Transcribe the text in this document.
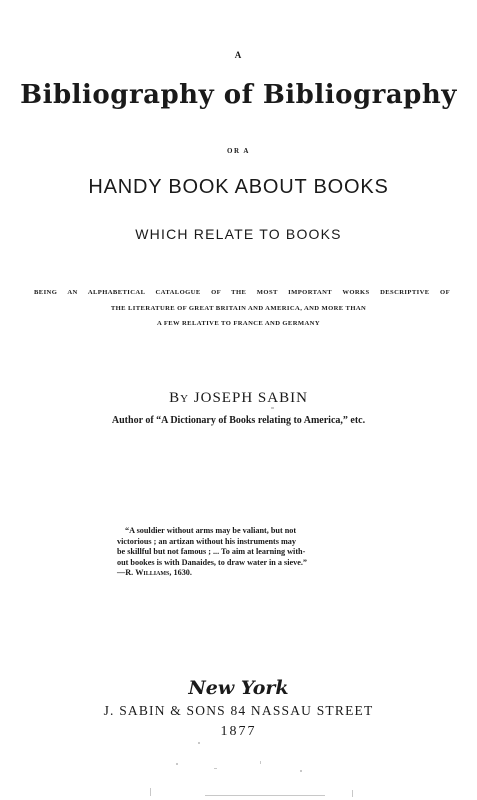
A
Bibliography of Bibliography
OR A
HANDY BOOK ABOUT BOOKS
WHICH RELATE TO BOOKS
BEING AN ALPHABETICAL CATALOGUE OF THE MOST IMPORTANT WORKS DESCRIPTIVE OF
THE LITERATURE OF GREAT BRITAIN AND AMERICA, AND MORE THAN
A FEW RELATIVE TO FRANCE AND GERMANY
By JOSEPH SABIN
Author of “A Dictionary of Books relating to America,” etc.
“A souldier without arms may be valiant, but not
victorious ; an artizan without his instruments may
be skillful but not famous ; ... To aim at learning with-
out bookes is with Danaides, to draw water in a sieve.”
—R. Williams, 1630.
New York
J. SABIN & SONS 84 NASSAU STREET
1877
